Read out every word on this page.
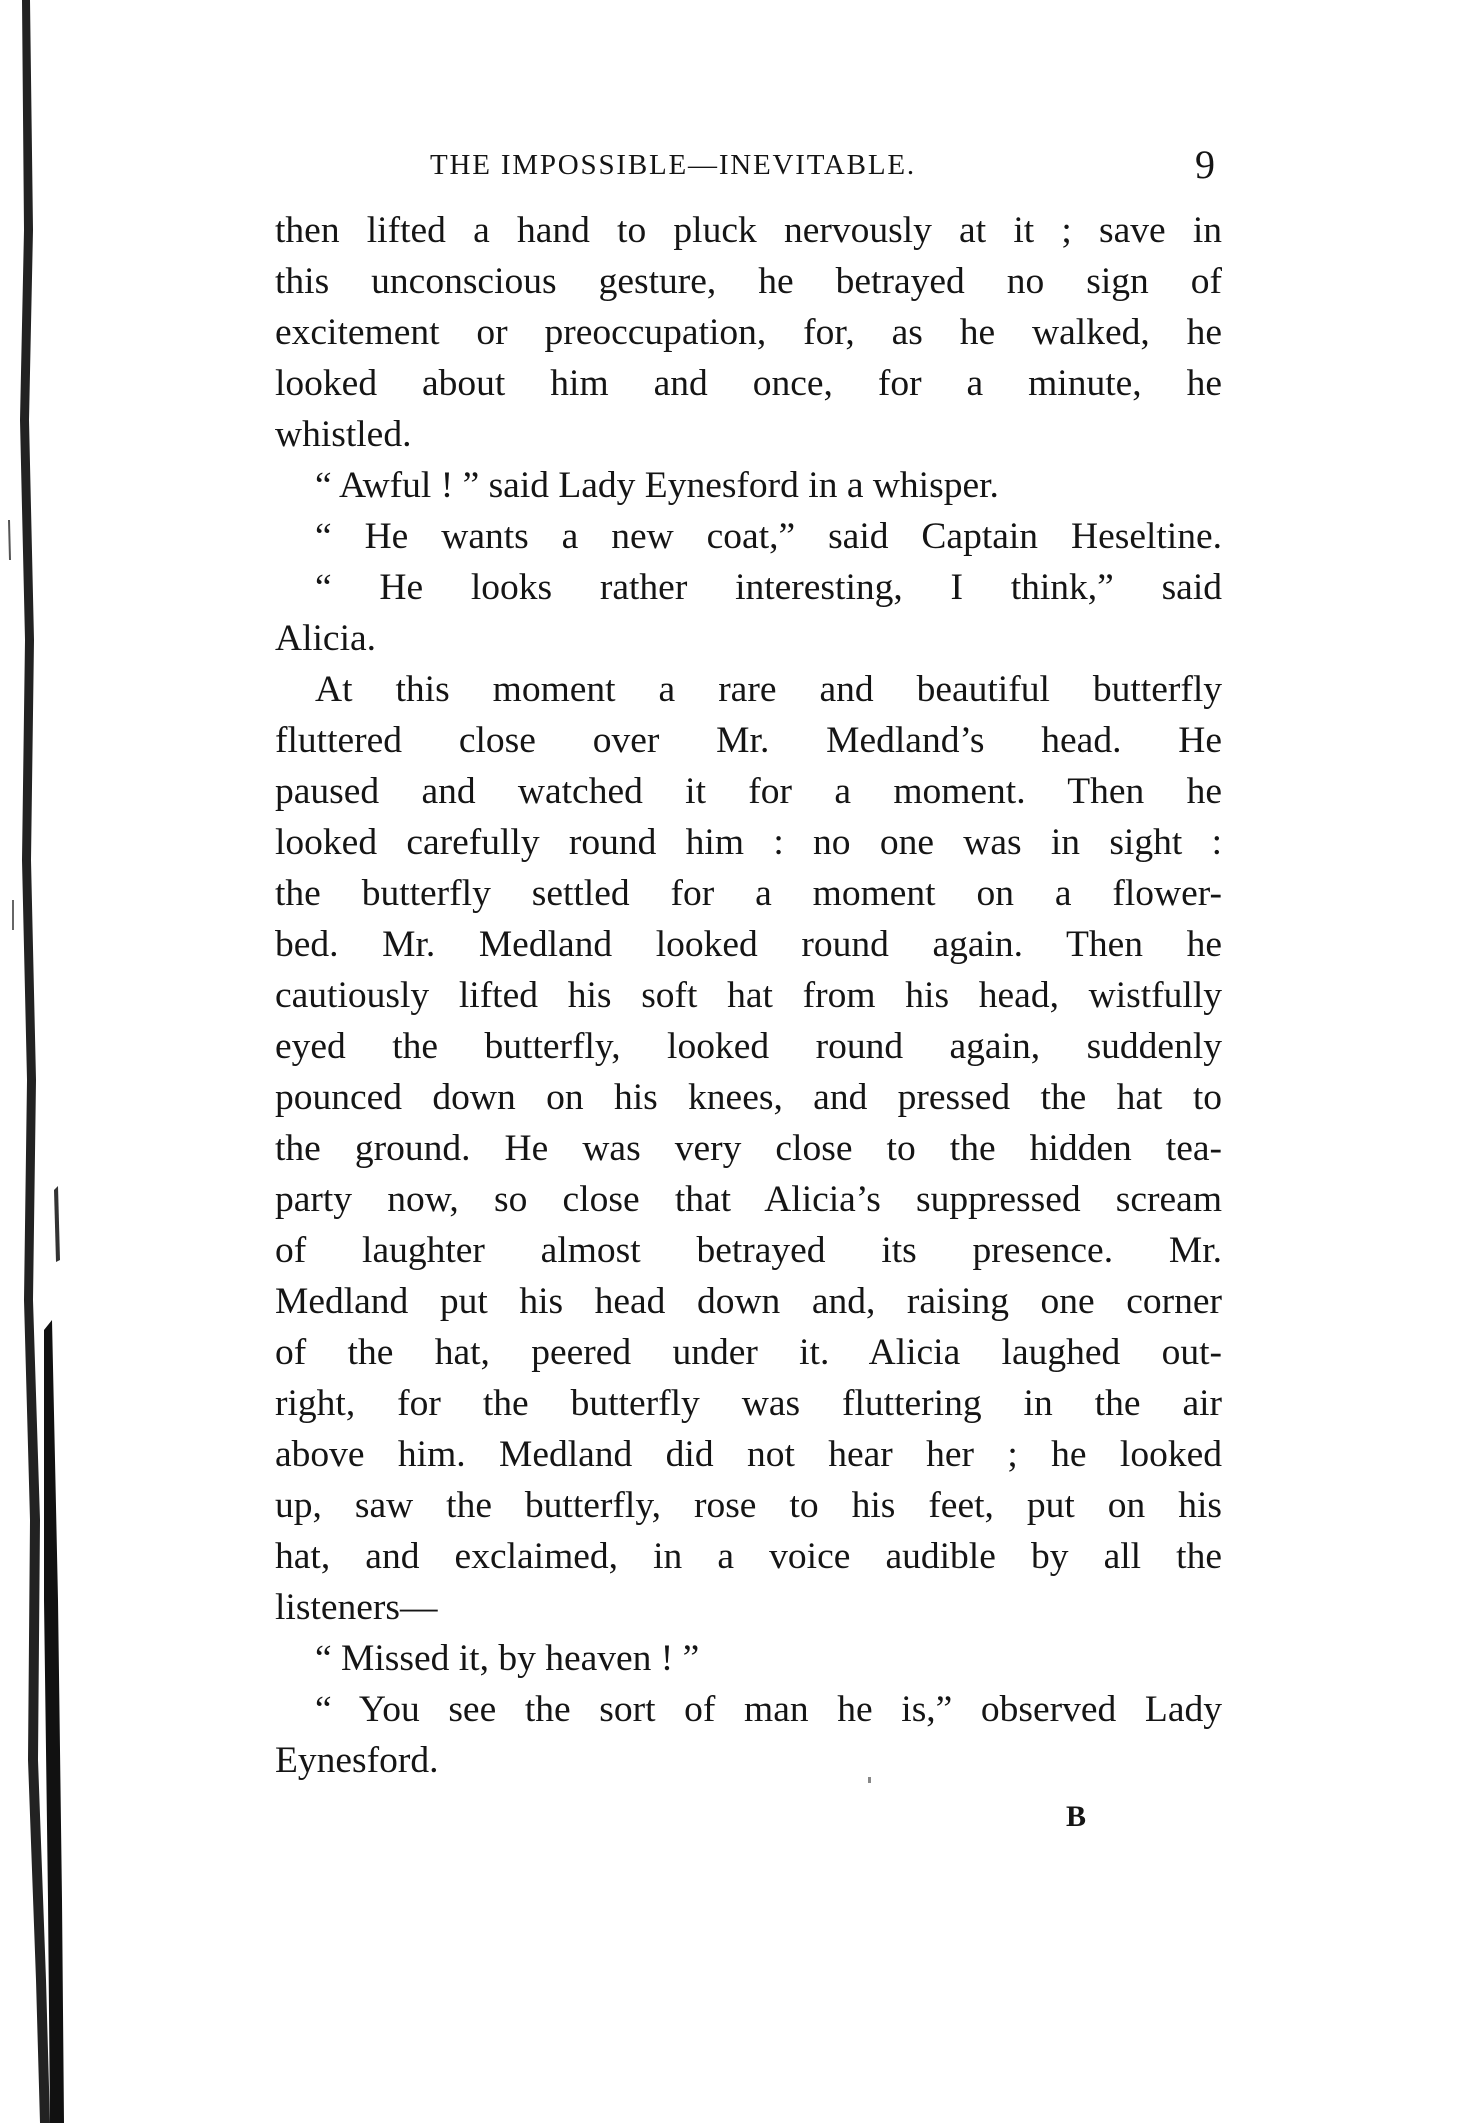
THE IMPOSSIBLE—INEVITABLE.	9
then lifted a hand to pluck nervously at it ; save in
this unconscious gesture, he betrayed no sign of
excitement or preoccupation, for, as he walked, he
looked about him and once, for a minute, he
whistled.
“ Awful ! ” said Lady Eynesford in a whisper.
“ He wants a new coat,” said Captain Heseltine.
“ He looks rather interesting, I think,” said
Alicia.
At this moment a rare and beautiful butterfly
fluttered close over Mr. Medland’s head. He
paused and watched it for a moment. Then he
looked carefully round him : no one was in sight :
the butterfly settled for a moment on a flower-
bed. Mr. Medland looked round again. Then he
cautiously lifted his soft hat from his head, wistfully
eyed the butterfly, looked round again, suddenly
pounced down on his knees, and pressed the hat to
the ground. He was very close to the hidden tea-
party now, so close that Alicia’s suppressed scream
of laughter almost betrayed its presence. Mr.
Medland put his head down and, raising one corner
of the hat, peered under it. Alicia laughed out-
right, for the butterfly was fluttering in the air
above him. Medland did not hear her ; he looked
up, saw the butterfly, rose to his feet, put on his
hat, and exclaimed, in a voice audible by all the
listeners—
“ Missed it, by heaven ! ”
“ You see the sort of man he is,” observed Lady
Eynesford.
B
